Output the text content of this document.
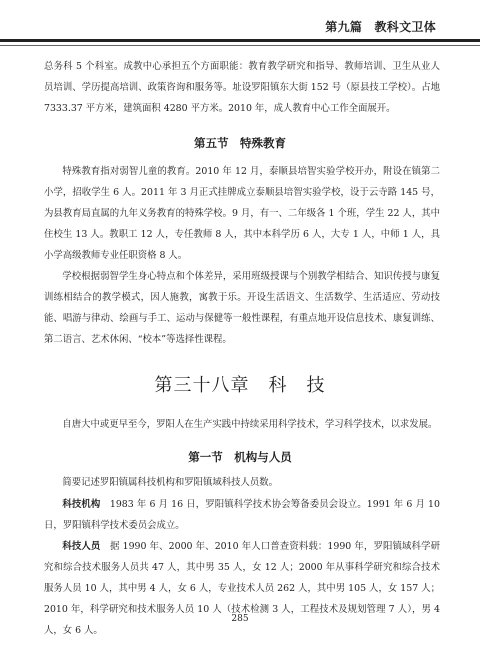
第九篇　教科文卫体

总务科 5 个科室。成教中心承担五个方面职能：教育教学研究和指导、教师培训、卫生从业人员培训、学历提高培训、政策咨询和服务等。址设罗阳镇东大街 152 号（原县技工学校）。占地 7333.37 平方米，建筑面积 4280 平方米。2010 年，成人教育中心工作全面展开。

第五节　特殊教育

特殊教育指对弱智儿童的教育。2010 年 12 月，泰顺县培智实验学校开办，附设在镇第二小学，招收学生 6 人。2011 年 3 月正式挂牌成立泰顺县培智实验学校，设于云寺路 145 号，为县教育局直属的九年义务教育的特殊学校。9 月，有一、二年级各 1 个班，学生 22 人，其中住校生 13 人。教职工 12 人，专任教师 8 人，其中本科学历 6 人，大专 1 人，中师 1 人，具小学高级教师专业任职资格 8 人。

学校根据弱智学生身心特点和个体差异，采用班级授课与个别教学相结合、知识传授与康复训练相结合的教学模式，因人施教，寓教于乐。开设生活语文、生活数学、生活适应、劳动技能、唱游与律动、绘画与手工、运动与保健等一般性课程，有重点地开设信息技术、康复训练、第二语言、艺术休闲、“校本”等选择性课程。

第三十八章　科　技

自唐大中或更早至今，罗阳人在生产实践中持续采用科学技术，学习科学技术，以求发展。

第一节　机构与人员

简要记述罗阳镇属科技机构和罗阳镇域科技人员数。

科技机构　 1983 年 6 月 16 日，罗阳镇科学技术协会筹备委员会设立。1991 年 6 月 10 日，罗阳镇科学技术委员会成立。

科技人员　 据 1990 年、2000 年、2010 年人口普查资料载：1990 年，罗阳镇域科学研究和综合技术服务人员共 47 人，其中男 35 人，女 12 人；2000 年从事科学研究和综合技术服务人员 10 人，其中男 4 人，女 6 人，专业技术人员 262 人，其中男 105 人，女 157 人；2010 年，科学研究和技术服务人员 10 人（技术检测 3 人，工程技术及规划管理 7 人），男 4 人，女 6 人。

285
